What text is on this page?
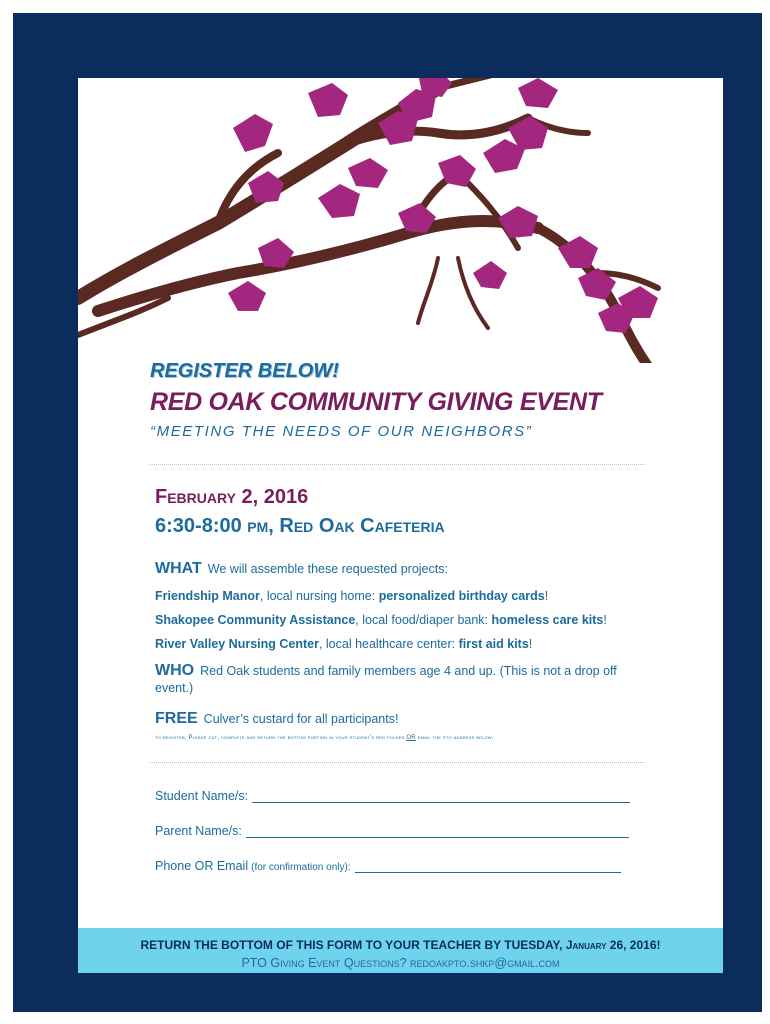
REGISTER BELOW!
RED OAK COMMUNITY GIVING EVENT
“MEETING THE NEEDS OF OUR NEIGHBORS”
February 2, 2016
6:30-8:00 pm, Red Oak Cafeteria
WHAT We will assemble these requested projects:
Friendship Manor, local nursing home: personalized birthday cards!
Shakopee Community Assistance, local food/diaper bank: homeless care kits!
River Valley Nursing Center, local healthcare center: first aid kits!
WHO Red Oak students and family members age 4 and up. (This is not a drop off event.)
FREE Culver’s custard for all participants!
to register, Please cut, complete and return the bottom portion in your student’s red folder OR email the pto address below.
Student Name/s:
Parent Name/s:
Phone OR Email (for confirmation only):
RETURN THE BOTTOM OF THIS FORM TO YOUR TEACHER BY TUESDAY, January 26, 2016!
PTO Giving Event Questions? redoakpto.shkp@gmail.com
